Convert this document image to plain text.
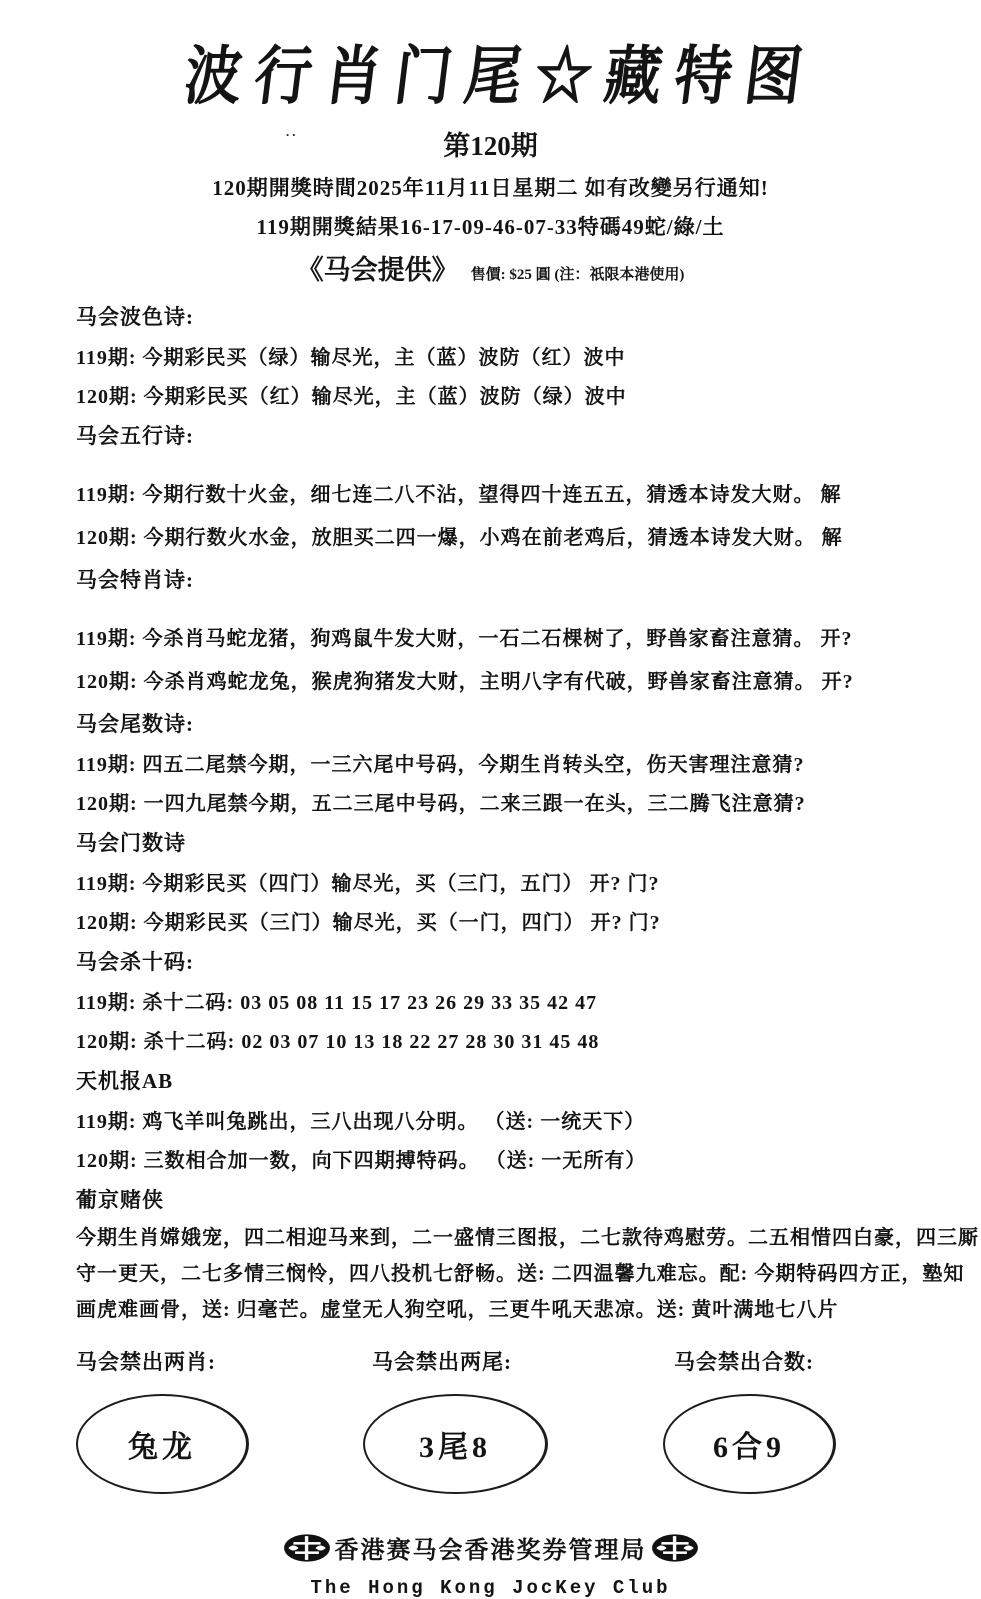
波行肖门尾☆藏特图
..	第120期
120期開獎時間2025年11月11日星期二 如有改變另行通知!
119期開獎結果16-17-09-46-07-33特碼49蛇/綠/土
《马会提供》 售價: $25 圓 (注：祇限本港使用)
马会波色诗:
119期: 今期彩民买（绿）输尽光，主（蓝）波防（红）波中
120期: 今期彩民买（红）输尽光，主（蓝）波防（绿）波中
马会五行诗:
119期: 今期行数十火金，细七连二八不沾，望得四十连五五，猜透本诗发大财。 解
120期: 今期行数火水金，放胆买二四一爆，小鸡在前老鸡后，猜透本诗发大财。 解
马会特肖诗:
119期: 今杀肖马蛇龙猪，狗鸡鼠牛发大财，一石二石棵树了，野兽家畜注意猜。 开?
120期: 今杀肖鸡蛇龙兔，猴虎狗猪发大财，主明八字有代破，野兽家畜注意猜。 开?
马会尾数诗:
119期: 四五二尾禁今期，一三六尾中号码，今期生肖转头空，伤天害理注意猜?
120期: 一四九尾禁今期，五二三尾中号码，二来三跟一在头，三二腾飞注意猜?
马会门数诗
119期: 今期彩民买（四门）输尽光，买（三门，五门） 开? 门?
120期: 今期彩民买（三门）输尽光，买（一门，四门） 开? 门?
马会杀十码:
119期: 杀十二码: 03 05 08 11 15 17 23 26 29 33 35 42 47
120期: 杀十二码: 02 03 07 10 13 18 22 27 28 30 31 45 48
天机报AB
119期: 鸡飞羊叫兔跳出，三八出现八分明。 （送: 一统天下）
120期: 三数相合加一数，向下四期搏特码。 （送: 一无所有）
葡京赌侠
今期生肖嫦娥宠，四二相迎马来到，二一盛情三图报，二七款待鸡慰劳。二五相惜四白豪，四三厮
守一更天，二七多情三悯怜，四八投机七舒畅。送: 二四温馨九难忘。配: 今期特码四方正，塾知
画虎难画骨，送: 归毫芒。虚堂无人狗空吼，三更牛吼天悲凉。送: 黄叶满地七八片
马会禁出两肖:	马会禁出两尾:	马会禁出合数:
兔龙	3尾8	6合9
香港赛马会香港奖券管理局
The Hong Kong JocKey Club
